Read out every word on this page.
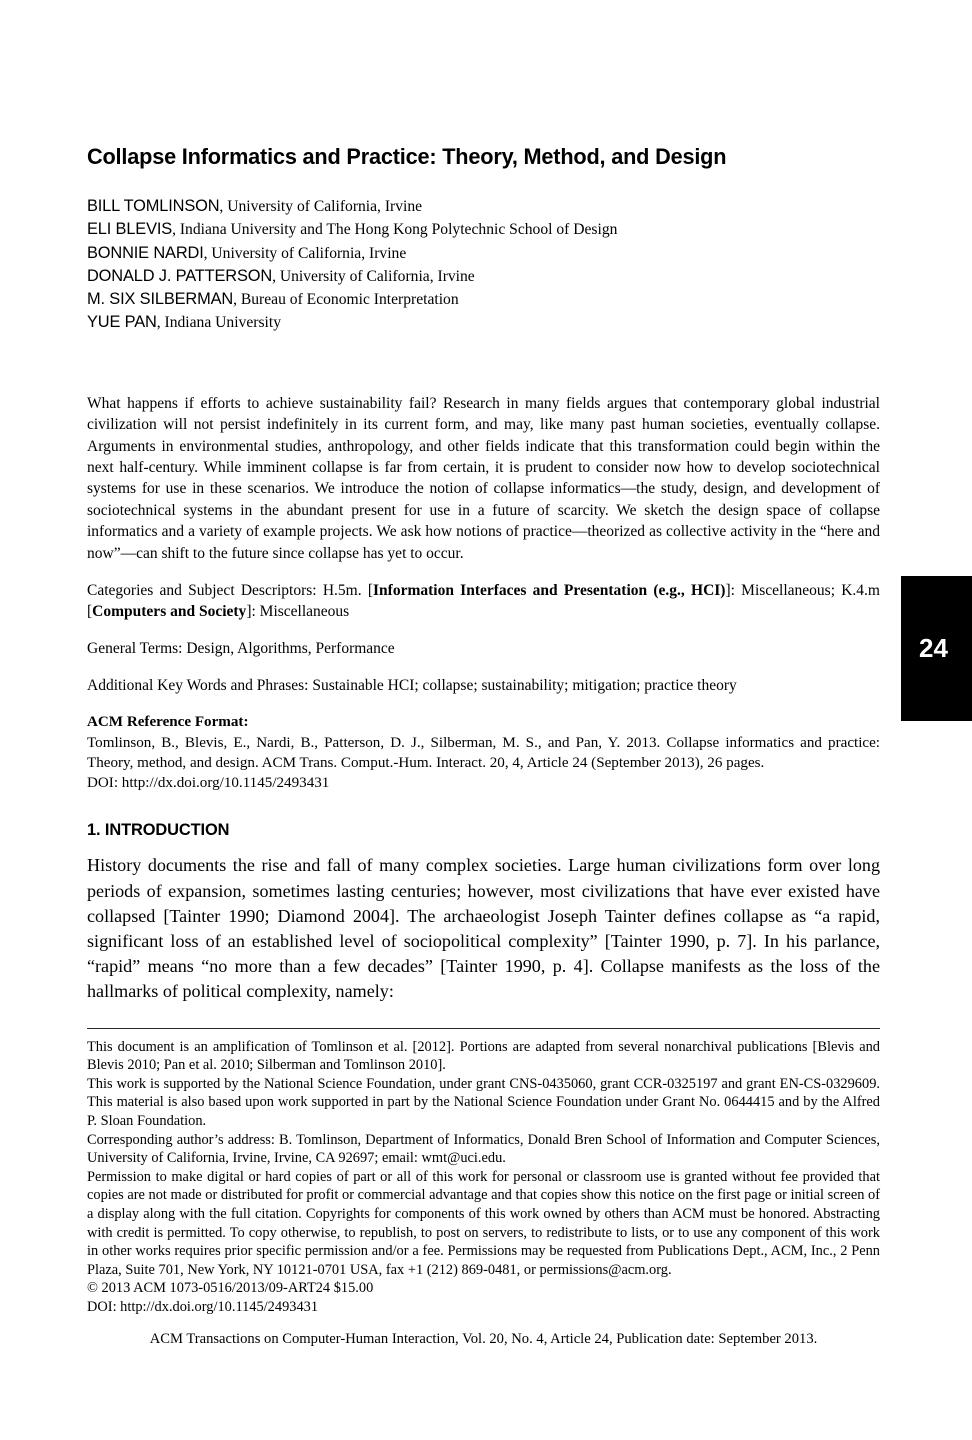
Collapse Informatics and Practice: Theory, Method, and Design
BILL TOMLINSON, University of California, Irvine
ELI BLEVIS, Indiana University and The Hong Kong Polytechnic School of Design
BONNIE NARDI, University of California, Irvine
DONALD J. PATTERSON, University of California, Irvine
M. SIX SILBERMAN, Bureau of Economic Interpretation
YUE PAN, Indiana University

What happens if efforts to achieve sustainability fail? Research in many fields argues that contemporary global industrial civilization will not persist indefinitely in its current form, and may, like many past human societies, eventually collapse. Arguments in environmental studies, anthropology, and other fields indicate that this transformation could begin within the next half-century. While imminent collapse is far from certain, it is prudent to consider now how to develop sociotechnical systems for use in these scenarios. We introduce the notion of collapse informatics—the study, design, and development of sociotechnical systems in the abundant present for use in a future of scarcity. We sketch the design space of collapse informatics and a variety of example projects. We ask how notions of practice—theorized as collective activity in the “here and now”—can shift to the future since collapse has yet to occur.

Categories and Subject Descriptors: H.5m. [Information Interfaces and Presentation (e.g., HCI)]: Miscellaneous; K.4.m [Computers and Society]: Miscellaneous

General Terms: Design, Algorithms, Performance

Additional Key Words and Phrases: Sustainable HCI; collapse; sustainability; mitigation; practice theory

ACM Reference Format:
Tomlinson, B., Blevis, E., Nardi, B., Patterson, D. J., Silberman, M. S., and Pan, Y. 2013. Collapse informatics and practice: Theory, method, and design. ACM Trans. Comput.-Hum. Interact. 20, 4, Article 24 (September 2013), 26 pages.
DOI: http://dx.doi.org/10.1145/2493431
1. INTRODUCTION

History documents the rise and fall of many complex societies. Large human civilizations form over long periods of expansion, sometimes lasting centuries; however, most civilizations that have ever existed have collapsed [Tainter 1990; Diamond 2004]. The archaeologist Joseph Tainter defines collapse as “a rapid, significant loss of an established level of sociopolitical complexity” [Tainter 1990, p. 7]. In his parlance, “rapid” means “no more than a few decades” [Tainter 1990, p. 4]. Collapse manifests as the loss of the hallmarks of political complexity, namely:

This document is an amplification of Tomlinson et al. [2012]. Portions are adapted from several nonarchival publications [Blevis and Blevis 2010; Pan et al. 2010; Silberman and Tomlinson 2010].

This work is supported by the National Science Foundation, under grant CNS-0435060, grant CCR-0325197 and grant EN-CS-0329609. This material is also based upon work supported in part by the National Science Foundation under Grant No. 0644415 and by the Alfred P. Sloan Foundation.

Corresponding author’s address: B. Tomlinson, Department of Informatics, Donald Bren School of Information and Computer Sciences, University of California, Irvine, Irvine, CA 92697; email: wmt@uci.edu.

Permission to make digital or hard copies of part or all of this work for personal or classroom use is granted without fee provided that copies are not made or distributed for profit or commercial advantage and that copies show this notice on the first page or initial screen of a display along with the full citation. Copyrights for components of this work owned by others than ACM must be honored. Abstracting with credit is permitted. To copy otherwise, to republish, to post on servers, to redistribute to lists, or to use any component of this work in other works requires prior specific permission and/or a fee. Permissions may be requested from Publications Dept., ACM, Inc., 2 Penn Plaza, Suite 701, New York, NY 10121-0701 USA, fax +1 (212) 869-0481, or permissions@acm.org.

© 2013 ACM 1073-0516/2013/09-ART24 $15.00

DOI: http://dx.doi.org/10.1145/2493431

24
ACM Transactions on Computer-Human Interaction, Vol. 20, No. 4, Article 24, Publication date: September 2013.
